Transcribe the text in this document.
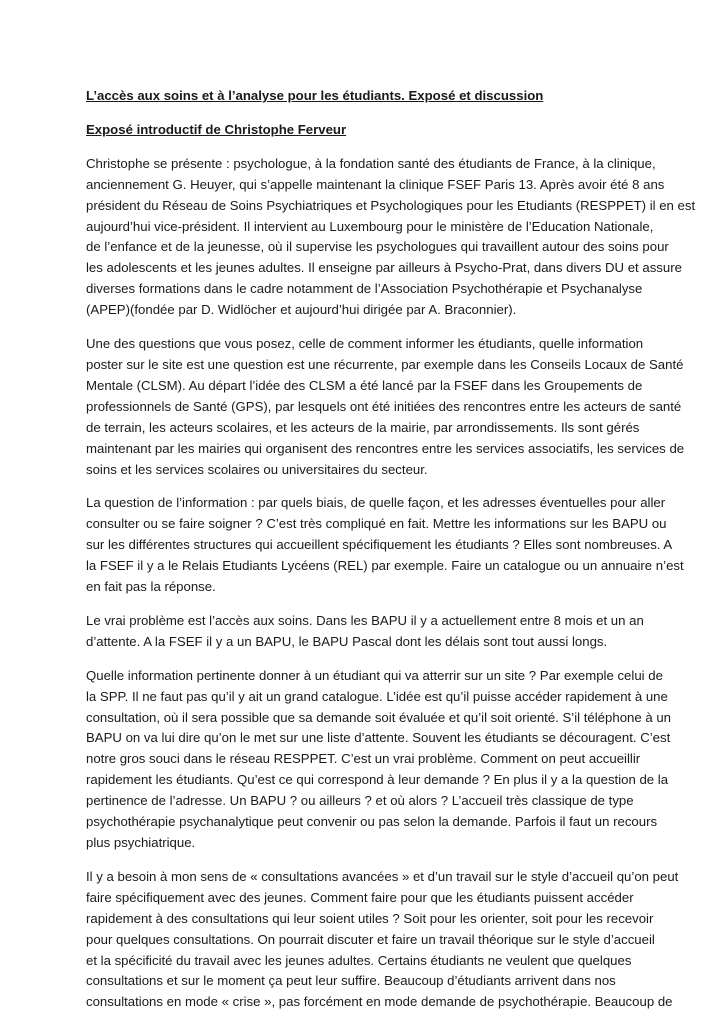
L’accès aux soins et à l’analyse pour les étudiants. Exposé et discussion
Exposé introductif de Christophe Ferveur
Christophe se présente : psychologue, à la fondation santé des étudiants de France, à la clinique,
anciennement G. Heuyer, qui s’appelle maintenant la clinique FSEF Paris 13. Après avoir été 8 ans
président du Réseau de Soins Psychiatriques et Psychologiques pour les Etudiants (RESPPET) il en est
aujourd’hui vice-président. Il intervient au Luxembourg pour le ministère de l’Education Nationale,
de l’enfance et de la jeunesse, où il supervise les psychologues qui travaillent autour des soins pour
les adolescents et les jeunes adultes. Il enseigne par ailleurs à Psycho-Prat, dans divers DU et assure
diverses formations dans le cadre notamment de l’Association Psychothérapie et Psychanalyse
(APEP)(fondée par D. Widlöcher et aujourd’hui dirigée par A. Braconnier).
Une des questions que vous posez, celle de comment informer les étudiants, quelle information
poster sur le site est une question est une récurrente, par exemple dans les Conseils Locaux de Santé
Mentale (CLSM). Au départ l’idée des CLSM a été lancé par la FSEF dans les Groupements de
professionnels de Santé (GPS), par lesquels ont été initiées des rencontres entre les acteurs de santé
de terrain, les acteurs scolaires, et les acteurs de la mairie, par arrondissements. Ils sont gérés
maintenant par les mairies qui organisent des rencontres entre les services associatifs, les services de
soins et les services scolaires ou universitaires du secteur.
La question de l’information : par quels biais, de quelle façon, et les adresses éventuelles pour aller
consulter ou se faire soigner ? C’est très compliqué en fait. Mettre les informations sur les BAPU ou
sur les différentes structures qui accueillent spécifiquement les étudiants ? Elles sont nombreuses. A
la FSEF il y a le Relais Etudiants Lycéens (REL) par exemple. Faire un catalogue ou un annuaire n’est
en fait pas la réponse.
Le vrai problème est l’accès aux soins. Dans les BAPU il y a actuellement entre 8 mois et un an
d’attente. A la FSEF il y a un BAPU, le BAPU Pascal dont les délais sont tout aussi longs.
Quelle information pertinente donner à un étudiant qui va atterrir sur un site ? Par exemple celui de
la SPP. Il ne faut pas qu’il y ait un grand catalogue. L’idée est qu’il puisse accéder rapidement à une
consultation, où il sera possible que sa demande soit évaluée et qu’il soit orienté. S’il téléphone à un
BAPU on va lui dire qu’on le met sur une liste d’attente. Souvent les étudiants se découragent. C’est
notre gros souci dans le réseau RESPPET. C’est un vrai problème. Comment on peut accueillir
rapidement les étudiants. Qu’est ce qui correspond à leur demande ? En plus il y a la question de la
pertinence de l’adresse. Un BAPU ? ou ailleurs ? et où alors ? L’accueil très classique de type
psychothérapie psychanalytique peut convenir ou pas selon la demande. Parfois il faut un recours
plus psychiatrique.
Il y a besoin à mon sens de « consultations avancées » et d’un travail sur le style d’accueil qu’on peut
faire spécifiquement avec des jeunes. Comment faire pour que les étudiants puissent accéder
rapidement à des consultations qui leur soient utiles ? Soit pour les orienter, soit pour les recevoir
pour quelques consultations. On pourrait discuter et faire un travail théorique sur le style d’accueil
et la spécificité du travail avec les jeunes adultes. Certains étudiants ne veulent que quelques
consultations et sur le moment ça peut leur suffire. Beaucoup d’étudiants arrivent dans nos
consultations en mode « crise », pas forcément en mode demande de psychothérapie. Beaucoup de
